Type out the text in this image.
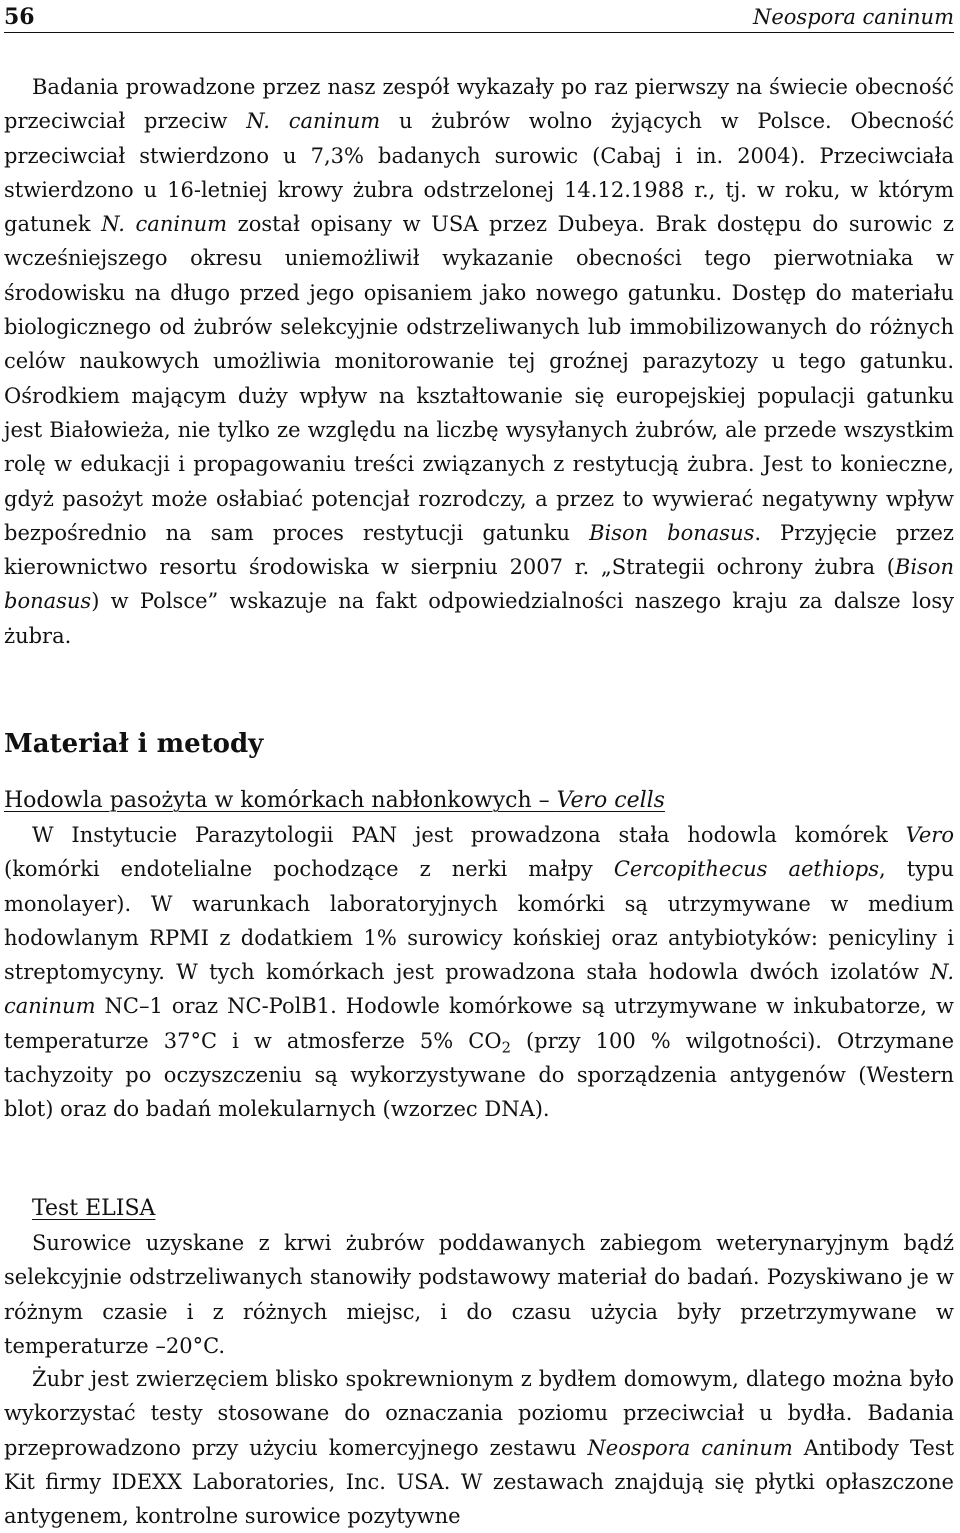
56	Neospora caninum

Badania prowadzone przez nasz zespół wykazały po raz pierwszy na świecie obecność przeciwciał przeciw N. caninum u żubrów wolno żyjących w Polsce. Obecność przeciwciał stwierdzono u 7,3% badanych surowic (Cabaj i in. 2004). Przeciwciała stwierdzono u 16-letniej krowy żubra odstrzelonej 14.12.1988 r., tj. w roku, w którym gatunek N. caninum został opisany w USA przez Dubeya. Brak dostępu do surowic z wcześniejszego okresu uniemożliwił wykazanie obecności tego pierwotniaka w środowisku na długo przed jego opisaniem jako nowego gatunku. Dostęp do materiału biologicznego od żubrów selekcyjnie odstrzeliwanych lub immobilizowanych do różnych celów naukowych umożliwia monitorowanie tej groźnej parazytozy u tego gatunku. Ośrodkiem mającym duży wpływ na kształtowanie się europejskiej populacji gatunku jest Białowieża, nie tylko ze względu na liczbę wysyłanych żubrów, ale przede wszystkim rolę w edukacji i propagowaniu treści związanych z restytucją żubra. Jest to konieczne, gdyż pasożyt może osłabiać potencjał rozrodczy, a przez to wywierać negatywny wpływ bezpośrednio na sam proces restytucji gatunku Bison bonasus. Przyjęcie przez kierownictwo resortu środowiska w sierpniu 2007 r. „Strategii ochrony żubra (Bison bonasus) w Polsce” wskazuje na fakt odpowiedzialności naszego kraju za dalsze losy żubra.

Materiał i metody
Hodowla pasożyta w komórkach nabłonkowych – Vero cells

W Instytucie Parazytologii PAN jest prowadzona stała hodowla komórek Vero (komórki endotelialne pochodzące z nerki małpy Cercopithecus aethiops, typu monolayer). W warunkach laboratoryjnych komórki są utrzymywane w medium hodowlanym RPMI z dodatkiem 1% surowicy końskiej oraz antybiotyków: penicyliny i streptomycyny. W tych komórkach jest prowadzona stała hodowla dwóch izolatów N. caninum NC–1 oraz NC-PolB1. Hodowle komórkowe są utrzymywane w inkubatorze, w temperaturze 37°C i w atmosferze 5% $CO_2$ (przy 100 % wilgotności). Otrzymane tachyzoity po oczyszczeniu są wykorzystywane do sporządzenia antygenów (Western blot) oraz do badań molekularnych (wzorzec DNA).

Test ELISA

Surowice uzyskane z krwi żubrów poddawanych zabiegom weterynaryjnym bądź selekcyjnie odstrzeliwanych stanowiły podstawowy materiał do badań. Pozyskiwano je w różnym czasie i z różnych miejsc, i do czasu użycia były przetrzymywane w temperaturze –20°C.

Żubr jest zwierzęciem blisko spokrewnionym z bydłem domowym, dlatego można było wykorzystać testy stosowane do oznaczania poziomu przeciwciał u bydła. Badania przeprowadzono przy użyciu komercyjnego zestawu Neospora caninum Antibody Test Kit firmy IDEXX Laboratories, Inc. USA. W zestawach znajdują się płytki opłaszczone antygenem, kontrolne surowice pozytywne
